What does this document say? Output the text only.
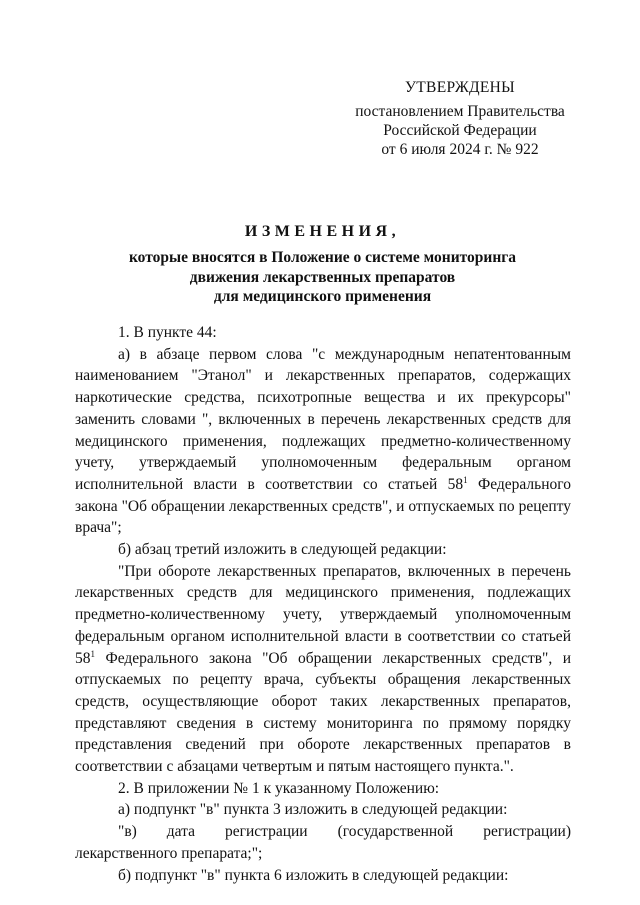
УТВЕРЖДЕНЫ
постановлением Правительства
Российской Федерации
от 6 июля 2024 г. № 922
ИЗМЕНЕНИЯ,
которые вносятся в Положение о системе мониторинга
движения лекарственных препаратов
для медицинского применения

1. В пункте 44:

а) в абзаце первом слова "с международным непатентованным наименованием "Этанол" и лекарственных препаратов, содержащих наркотические средства, психотропные вещества и их прекурсоры" заменить словами ", включенных в перечень лекарственных средств для медицинского применения, подлежащих предметно-количественному учету, утверждаемый уполномоченным федеральным органом исполнительной власти в соответствии со статьей $58^1$ Федерального закона "Об обращении лекарственных средств", и отпускаемых по рецепту врача";

б) абзац третий изложить в следующей редакции:

"При обороте лекарственных препаратов, включенных в перечень лекарственных средств для медицинского применения, подлежащих предметно-количественному учету, утверждаемый уполномоченным федеральным органом исполнительной власти в соответствии со статьей $58^1$ Федерального закона "Об обращении лекарственных средств", и отпускаемых по рецепту врача, субъекты обращения лекарственных средств, осуществляющие оборот таких лекарственных препаратов, представляют сведения в систему мониторинга по прямому порядку представления сведений при обороте лекарственных препаратов в соответствии с абзацами четвертым и пятым настоящего пункта.".

2. В приложении № 1 к указанному Положению:

а) подпункт "в" пункта 3 изложить в следующей редакции:

"в) дата регистрации (государственной регистрации) лекарственного препарата;";

б) подпункт "в" пункта 6 изложить в следующей редакции:
